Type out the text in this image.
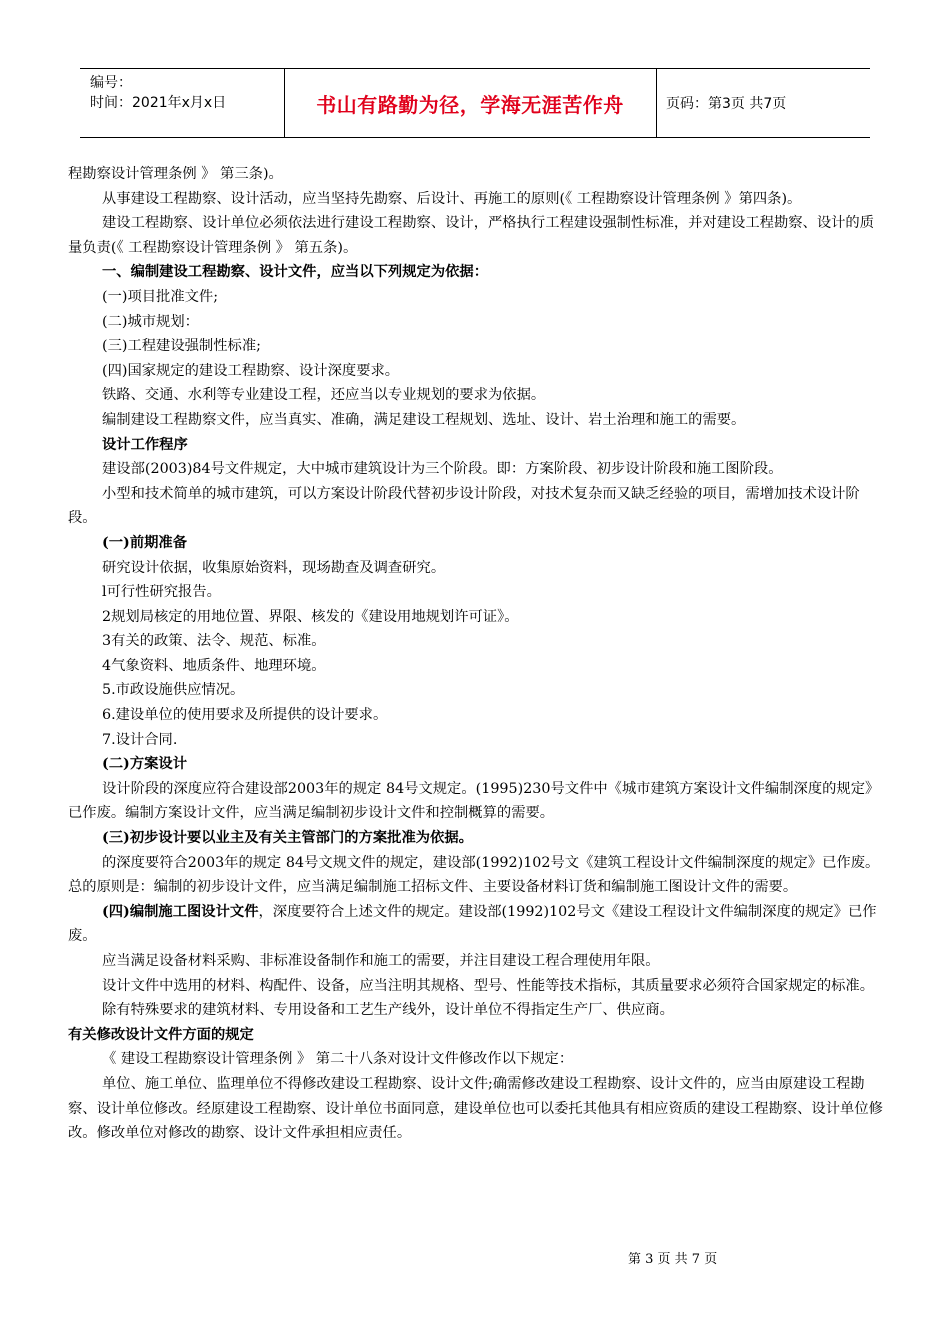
编号：
时间：2021年x月x日	书山有路勤为径，学海无涯苦作舟	页码：第3页 共7页

程勘察设计管理条例 》 第三条)。

从事建设工程勘察、设计活动，应当坚持先勘察、后设计、再施工的原则(《 工程勘察设计管理条例 》第四条)。

建设工程勘察、设计单位必须依法进行建设工程勘察、设计，严格执行工程建设强制性标准，并对建设工程勘察、设计的质量负责(《 工程勘察设计管理条例 》 第五条)。

一、编制建设工程勘察、设计文件，应当以下列规定为依据：

(一)项目批准文件;

(二)城市规划：

(三)工程建设强制性标准;

(四)国家规定的建设工程勘察、设计深度要求。

铁路、交通、水利等专业建设工程，还应当以专业规划的要求为依据。

编制建设工程勘察文件，应当真实、准确，满足建设工程规划、选址、设计、岩土治理和施工的需要。

设计工作程序

建设部(2003)84号文件规定，大中城市建筑设计为三个阶段。即：方案阶段、初步设计阶段和施工图阶段。

小型和技术简单的城市建筑，可以方案设计阶段代替初步设计阶段，对技术复杂而又缺乏经验的项目，需增加技术设计阶段。

(一)前期准备

研究设计依据，收集原始资料，现场勘查及调查研究。

l可行性研究报告。

2规划局核定的用地位置、界限、核发的《建设用地规划许可证》。

3有关的政策、法令、规范、标准。

4气象资料、地质条件、地理环境。

5.市政设施供应情况。

6.建设单位的使用要求及所提供的设计要求。

7.设计合同.

(二)方案设计

设计阶段的深度应符合建设部2003年的规定 84号文规定。(1995)230号文件中《城市建筑方案设计文件编制深度的规定》已作废。编制方案设计文件，应当满足编制初步设计文件和控制概算的需要。

(三)初步设计要以业主及有关主管部门的方案批准为依据。

的深度要符合2003年的规定 84号文规文件的规定，建设部(1992)102号文《建筑工程设计文件编制深度的规定》已作废。总的原则是：编制的初步设计文件，应当满足编制施工招标文件、主要设备材料订货和编制施工图设计文件的需要。

(四)编制施工图设计文件，深度要符合上述文件的规定。建设部(1992)102号文《建设工程设计文件编制深度的规定》已作废。

应当满足设备材料采购、非标准设备制作和施工的需要，并注目建设工程合理使用年限。

设计文件中选用的材料、构配件、设备，应当注明其规格、型号、性能等技术指标，其质量要求必须符合国家规定的标准。

除有特殊要求的建筑材料、专用设备和工艺生产线外，设计单位不得指定生产厂、供应商。

有关修改设计文件方面的规定

《 建设工程勘察设计管理条例 》 第二十八条对设计文件修改作以下规定：

单位、施工单位、监理单位不得修改建设工程勘察、设计文件;确需修改建设工程勘察、设计文件的，应当由原建设工程勘察、设计单位修改。经原建设工程勘察、设计单位书面同意，建设单位也可以委托其他具有相应资质的建设工程勘察、设计单位修改。修改单位对修改的勘察、设计文件承担相应责任。

第 3 页 共 7 页
